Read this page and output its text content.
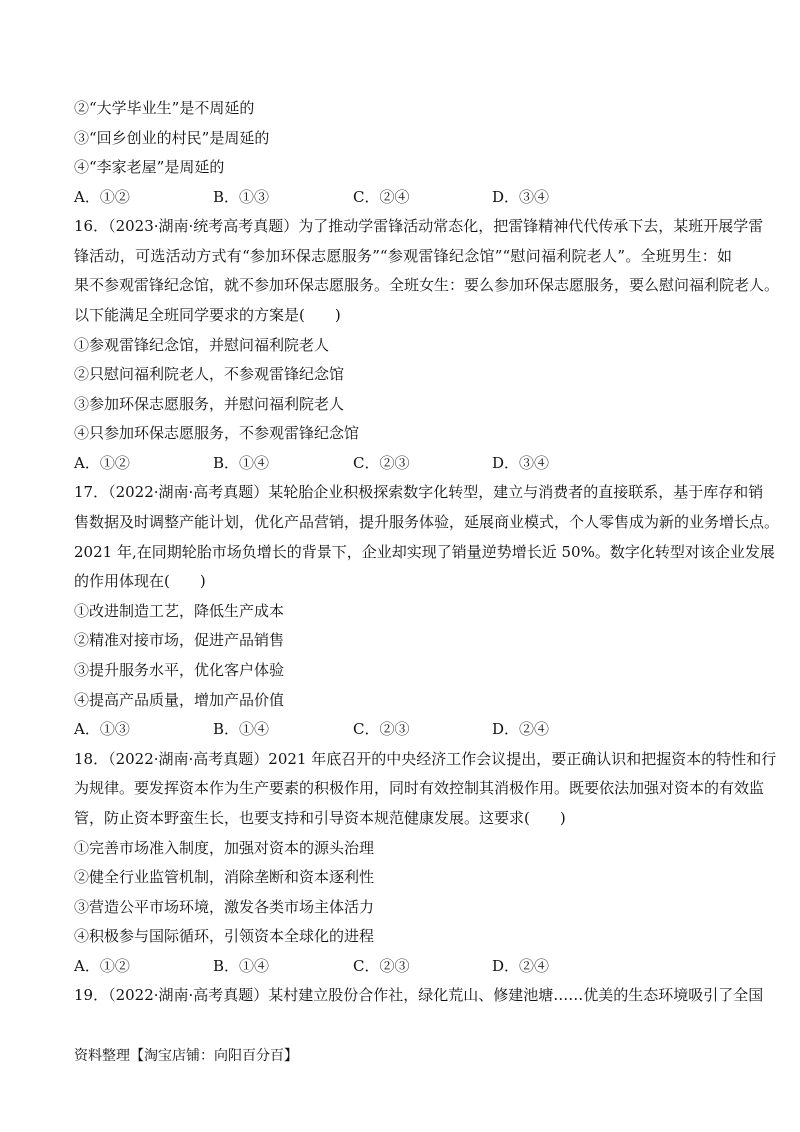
②“大学毕业生”是不周延的
③“回乡创业的村民”是周延的
④“李家老屋”是周延的
A．①②	B．①③	C．②④	D．③④
16．（2023·湖南·统考高考真题）为了推动学雷锋活动常态化，把雷锋精神代代传承下去，某班开展学雷
锋活动，可选活动方式有“参加环保志愿服务”“参观雷锋纪念馆”“慰问福利院老人”。全班男生：如
果不参观雷锋纪念馆，就不参加环保志愿服务。全班女生：要么参加环保志愿服务，要么慰问福利院老人。
以下能满足全班同学要求的方案是(　　)
①参观雷锋纪念馆，并慰问福利院老人
②只慰问福利院老人，不参观雷锋纪念馆
③参加环保志愿服务，并慰问福利院老人
④只参加环保志愿服务，不参观雷锋纪念馆
A．①②	B．①④	C．②③	D．③④
17．（2022·湖南·高考真题）某轮胎企业积极探索数字化转型，建立与消费者的直接联系，基于库存和销
售数据及时调整产能计划，优化产品营销，提升服务体验，延展商业模式，个人零售成为新的业务增长点。
2021 年,在同期轮胎市场负增长的背景下，企业却实现了销量逆势增长近 50%。数字化转型对该企业发展
的作用体现在(　　)
①改进制造工艺，降低生产成本
②精准对接市场，促进产品销售
③提升服务水平，优化客户体验
④提高产品质量，增加产品价值
A．①③	B．①④	C．②③	D．②④
18．（2022·湖南·高考真题）2021 年底召开的中央经济工作会议提出，要正确认识和把握资本的特性和行
为规律。要发挥资本作为生产要素的积极作用，同时有效控制其消极作用。既要依法加强对资本的有效监
管，防止资本野蛮生长，也要支持和引导资本规范健康发展。这要求(　　)
①完善市场准入制度，加强对资本的源头治理
②健全行业监管机制，消除垄断和资本逐利性
③营造公平市场环境，激发各类市场主体活力
④积极参与国际循环，引领资本全球化的进程
A．①②	B．①④	C．②③	D．②④
19．（2022·湖南·高考真题）某村建立股份合作社，绿化荒山、修建池塘……优美的生态环境吸引了全国
资料整理【淘宝店铺：向阳百分百】
